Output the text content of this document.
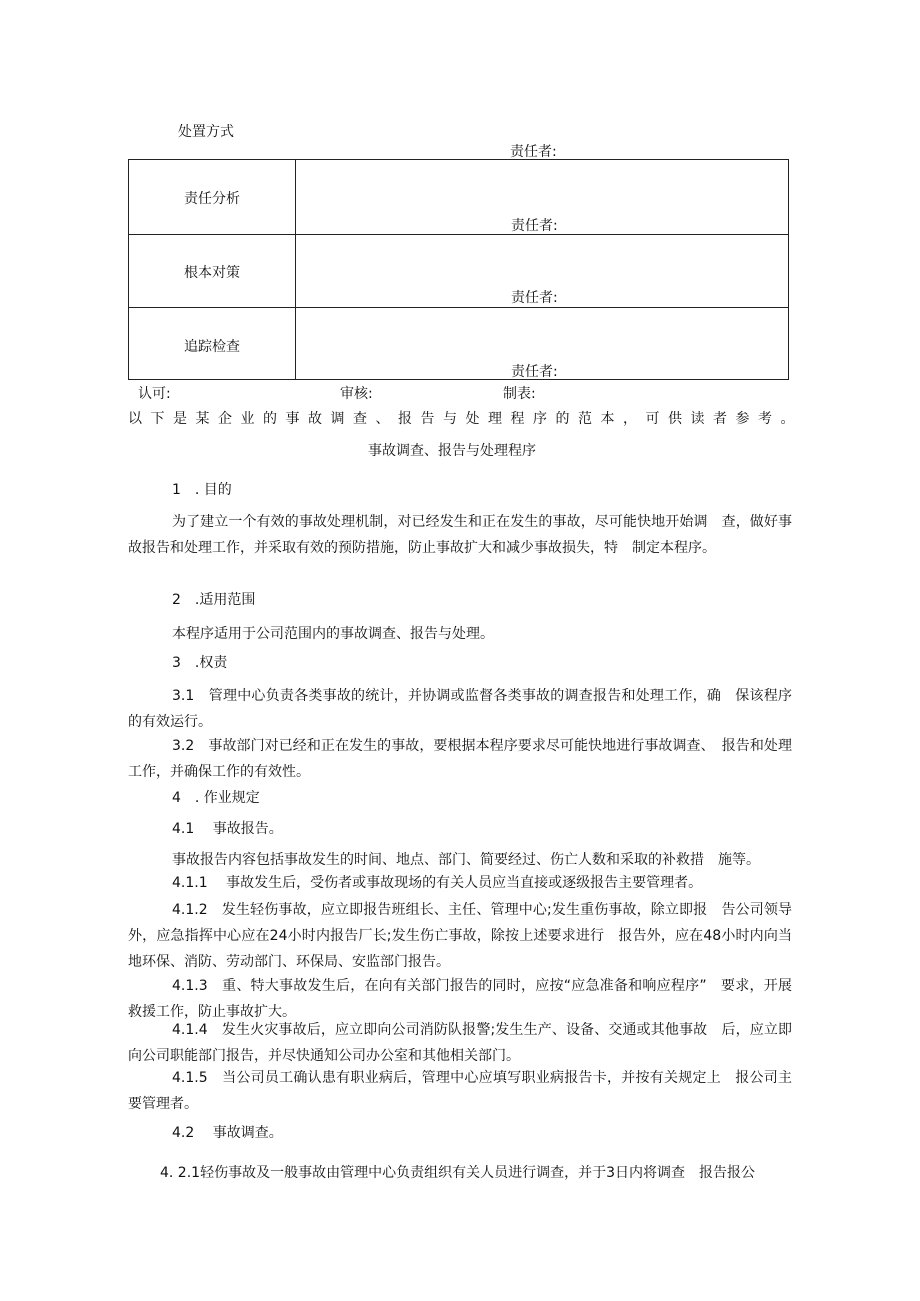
处置方式
责任者:
责任分析
责任者:
根本对策
责任者:
追踪检查
责任者:
认可:	审核:	制表:
以下是某企业的事故调查、报告与处理程序的范本，可供读者参考。
事故调查、报告与处理程序
1　. 目的
为了建立一个有效的事故处理机制，对已经发生和正在发生的事故，尽可能快地开始调　查，做好事故报告和处理工作，并采取有效的预防措施，防止事故扩大和减少事故损失，特　制定本程序。
2　.适用范围
本程序适用于公司范围内的事故调查、报告与处理。
3　.权责
3.1　管理中心负责各类事故的统计，并协调或监督各类事故的调查报告和处理工作，确　保该程序的有效运行。
3.2　事故部门对已经和正在发生的事故，要根据本程序要求尽可能快地进行事故调查、　报告和处理工作，并确保工作的有效性。
4　. 作业规定
4.1　 事故报告。
事故报告内容包括事故发生的时间、地点、部门、简要经过、伤亡人数和采取的补救措　施等。
4.1.1　 事故发生后，受伤者或事故现场的有关人员应当直接或逐级报告主要管理者。
4.1.2　发生轻伤事故，应立即报告班组长、主任、管理中心;发生重伤事故，除立即报　告公司领导外，应急指挥中心应在24小时内报告厂长;发生伤亡事故，除按上述要求进行　报告外，应在48小时内向当地环保、消防、劳动部门、环保局、安监部门报告。
4.1.3　重、特大事故发生后，在向有关部门报告的同时，应按“应急准备和响应程序”　要求，开展救援工作，防止事故扩大。
4.1.4　发生火灾事故后，应立即向公司消防队报警;发生生产、设备、交通或其他事故　后，应立即向公司职能部门报告，并尽快通知公司办公室和其他相关部门。
4.1.5　当公司员工确认患有职业病后，管理中心应填写职业病报告卡，并按有关规定上　报公司主要管理者。
4.2　 事故调查。
4. 2.1轻伤事故及一般事故由管理中心负责组织有关人员进行调查，并于3日内将调查　报告报公
